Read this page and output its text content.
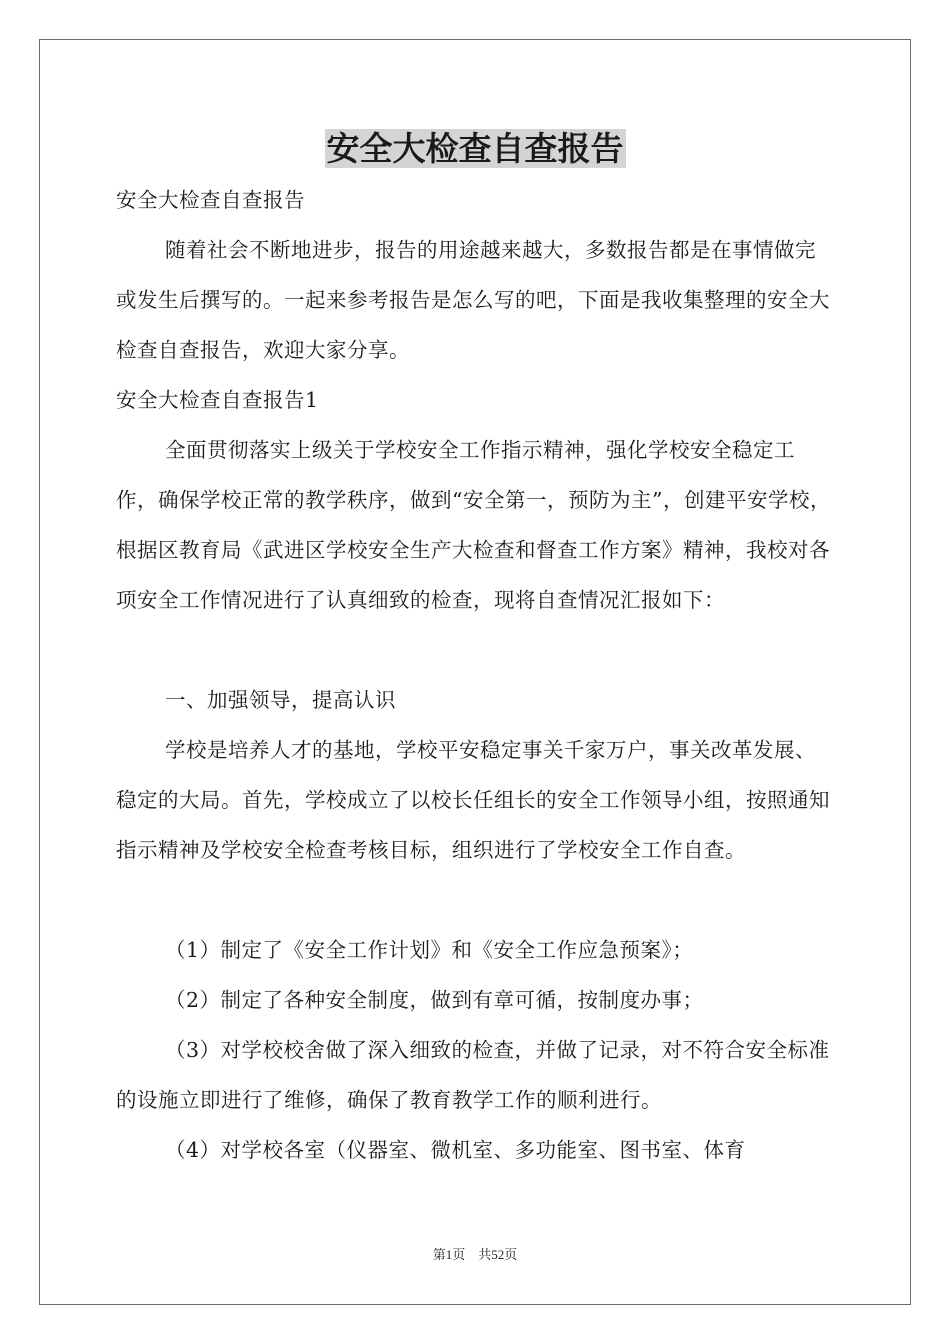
安全大检查自查报告

安全大检查自查报告

随着社会不断地进步，报告的用途越来越大，多数报告都是在事情做完或发生后撰写的。一起来参考报告是怎么写的吧，下面是我收集整理的安全大检查自查报告，欢迎大家分享。

安全大检查自查报告1

全面贯彻落实上级关于学校安全工作指示精神，强化学校安全稳定工作，确保学校正常的教学秩序，做到“安全第一，预防为主”，创建平安学校，根据区教育局《武进区学校安全生产大检查和督查工作方案》精神，我校对各项安全工作情况进行了认真细致的检查，现将自查情况汇报如下：

一、加强领导，提高认识

学校是培养人才的基地，学校平安稳定事关千家万户，事关改革发展、稳定的大局。首先，学校成立了以校长任组长的安全工作领导小组，按照通知指示精神及学校安全检查考核目标，组织进行了学校安全工作自查。

（1）制定了《安全工作计划》和《安全工作应急预案》；

（2）制定了各种安全制度，做到有章可循，按制度办事；

（3）对学校校舍做了深入细致的检查，并做了记录，对不符合安全标准的设施立即进行了维修，确保了教育教学工作的顺利进行。

（4）对学校各室（仪器室、微机室、多功能室、图书室、体育

第1页　共52页
